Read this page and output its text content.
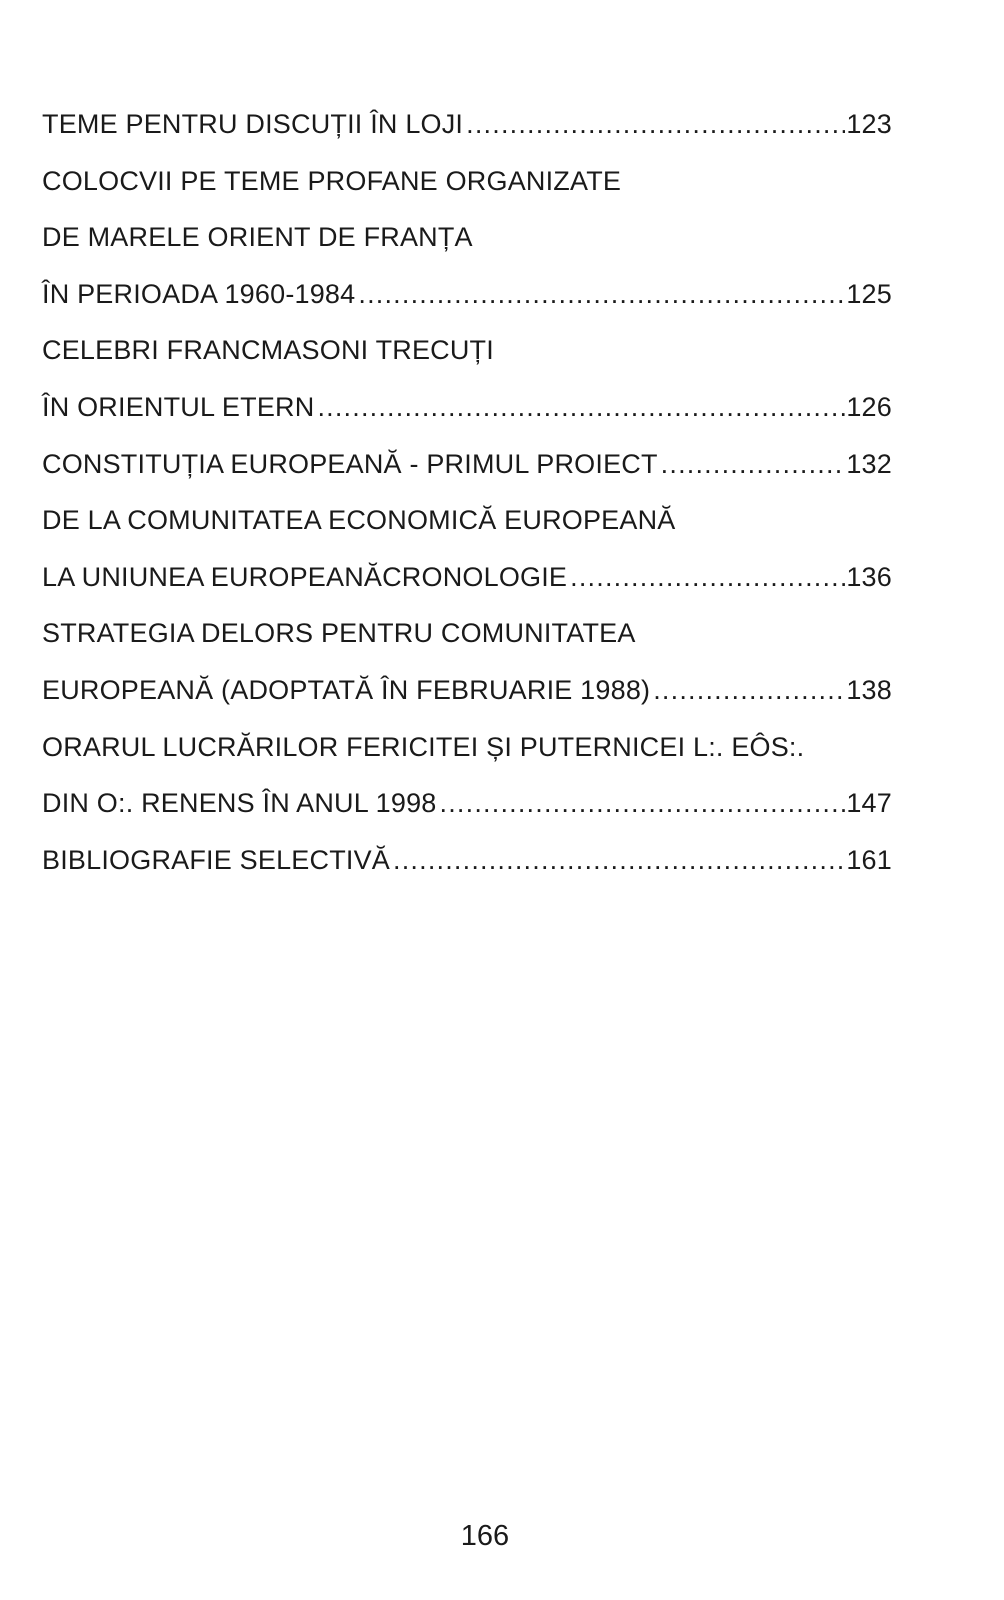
TEME PENTRU DISCUȚII ÎN LOJI .....	123
COLOCVII PE TEME PROFANE ORGANIZATE
DE MARELE ORIENT DE FRANȚA
ÎN PERIOADA 1960-1984 .....	125
CELEBRI FRANCMASONI TRECUȚI
ÎN ORIENTUL ETERN .....	126
CONSTITUȚIA EUROPEANĂ - PRIMUL PROIECT .....	132
DE LA COMUNITATEA ECONOMICĂ EUROPEANĂ
LA UNIUNEA EUROPEANĂCRONOLOGIE .....	136
STRATEGIA DELORS PENTRU COMUNITATEA
EUROPEANĂ (ADOPTATĂ ÎN FEBRUARIE 1988) .....	138
ORARUL LUCRĂRILOR FERICITEI ȘI PUTERNICEI L:. EÔS:.
DIN O:. RENENS ÎN ANUL 1998 .....	147
BIBLIOGRAFIE SELECTIVĂ .....	161
166
